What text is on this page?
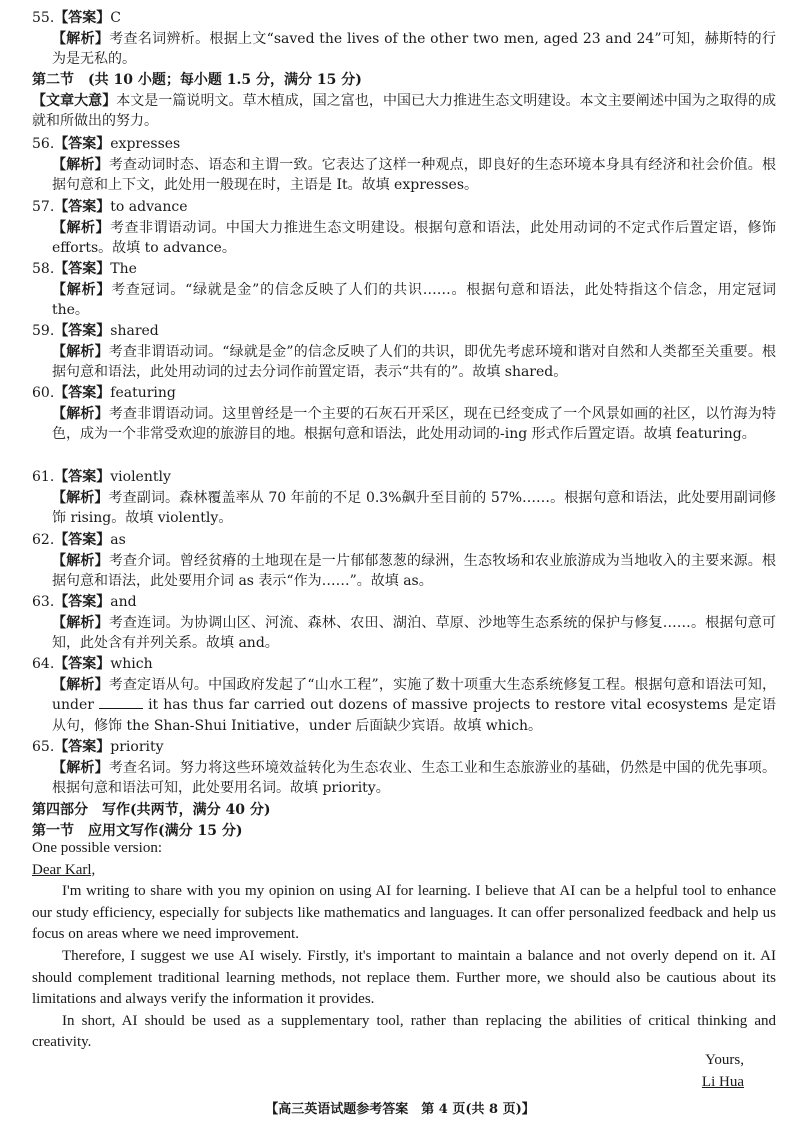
55.【答案】C
【解析】考查名词辨析。根据上文“saved the lives of the other two men, aged 23 and 24”可知，赫斯特的行为是无私的。
第二节　(共 10 小题；每小题 1.5 分，满分 15 分)
【文章大意】本文是一篇说明文。草木植成，国之富也，中国已大力推进生态文明建设。本文主要阐述中国为之取得的成就和所做出的努力。
56.【答案】expresses
【解析】考查动词时态、语态和主谓一致。它表达了这样一种观点，即良好的生态环境本身具有经济和社会价值。根据句意和上下文，此处用一般现在时，主语是 It。故填 expresses。
57.【答案】to advance
【解析】考查非谓语动词。中国大力推进生态文明建设。根据句意和语法，此处用动词的不定式作后置定语，修饰 efforts。故填 to advance。
58.【答案】The
【解析】考查冠词。“绿就是金”的信念反映了人们的共识……。根据句意和语法，此处特指这个信念，用定冠词 the。
59.【答案】shared
【解析】考查非谓语动词。“绿就是金”的信念反映了人们的共识，即优先考虑环境和谐对自然和人类都至关重要。根据句意和语法，此处用动词的过去分词作前置定语，表示“共有的”。故填 shared。
60.【答案】featuring
【解析】考查非谓语动词。这里曾经是一个主要的石灰石开采区，现在已经变成了一个风景如画的社区，以竹海为特色，成为一个非常受欢迎的旅游目的地。根据句意和语法，此处用动词的-ing 形式作后置定语。故填 featuring。
61.【答案】violently
【解析】考查副词。森林覆盖率从 70 年前的不足 0.3%飙升至目前的 57%……。根据句意和语法，此处要用副词修饰 rising。故填 violently。
62.【答案】as
【解析】考查介词。曾经贫瘠的土地现在是一片郁郁葱葱的绿洲，生态牧场和农业旅游成为当地收入的主要来源。根据句意和语法，此处要用介词 as 表示“作为……”。故填 as。
63.【答案】and
【解析】考查连词。为协调山区、河流、森林、农田、湖泊、草原、沙地等生态系统的保护与修复……。根据句意可知，此处含有并列关系。故填 and。
64.【答案】which
【解析】考查定语从句。中国政府发起了“山水工程”，实施了数十项重大生态系统修复工程。根据句意和语法可知，under	it has thus far carried out dozens of massive projects to restore vital ecosystems 是定语从句，修饰 the Shan-Shui Initiative，under 后面缺少宾语。故填 which。
65.【答案】priority
【解析】考查名词。努力将这些环境效益转化为生态农业、生态工业和生态旅游业的基础，仍然是中国的优先事项。根据句意和语法可知，此处要用名词。故填 priority。
第四部分　写作(共两节，满分 40 分)
第一节　应用文写作(满分 15 分)

One possible version:

Dear Karl,

I'm writing to share with you my opinion on using AI for learning. I believe that AI can be a helpful tool to enhance our study efficiency, especially for subjects like mathematics and languages. It can offer personalized feedback and help us focus on areas where we need improvement.

Therefore, I suggest we use AI wisely. Firstly, it's important to maintain a balance and not overly depend on it. AI should complement traditional learning methods, not replace them. Further more, we should also be cautious about its limitations and always verify the information it provides.

In short, AI should be used as a supplementary tool, rather than replacing the abilities of critical thinking and creativity.

Yours,
Li Hua
【高三英语试题参考答案　第 4 页(共 8 页)】
